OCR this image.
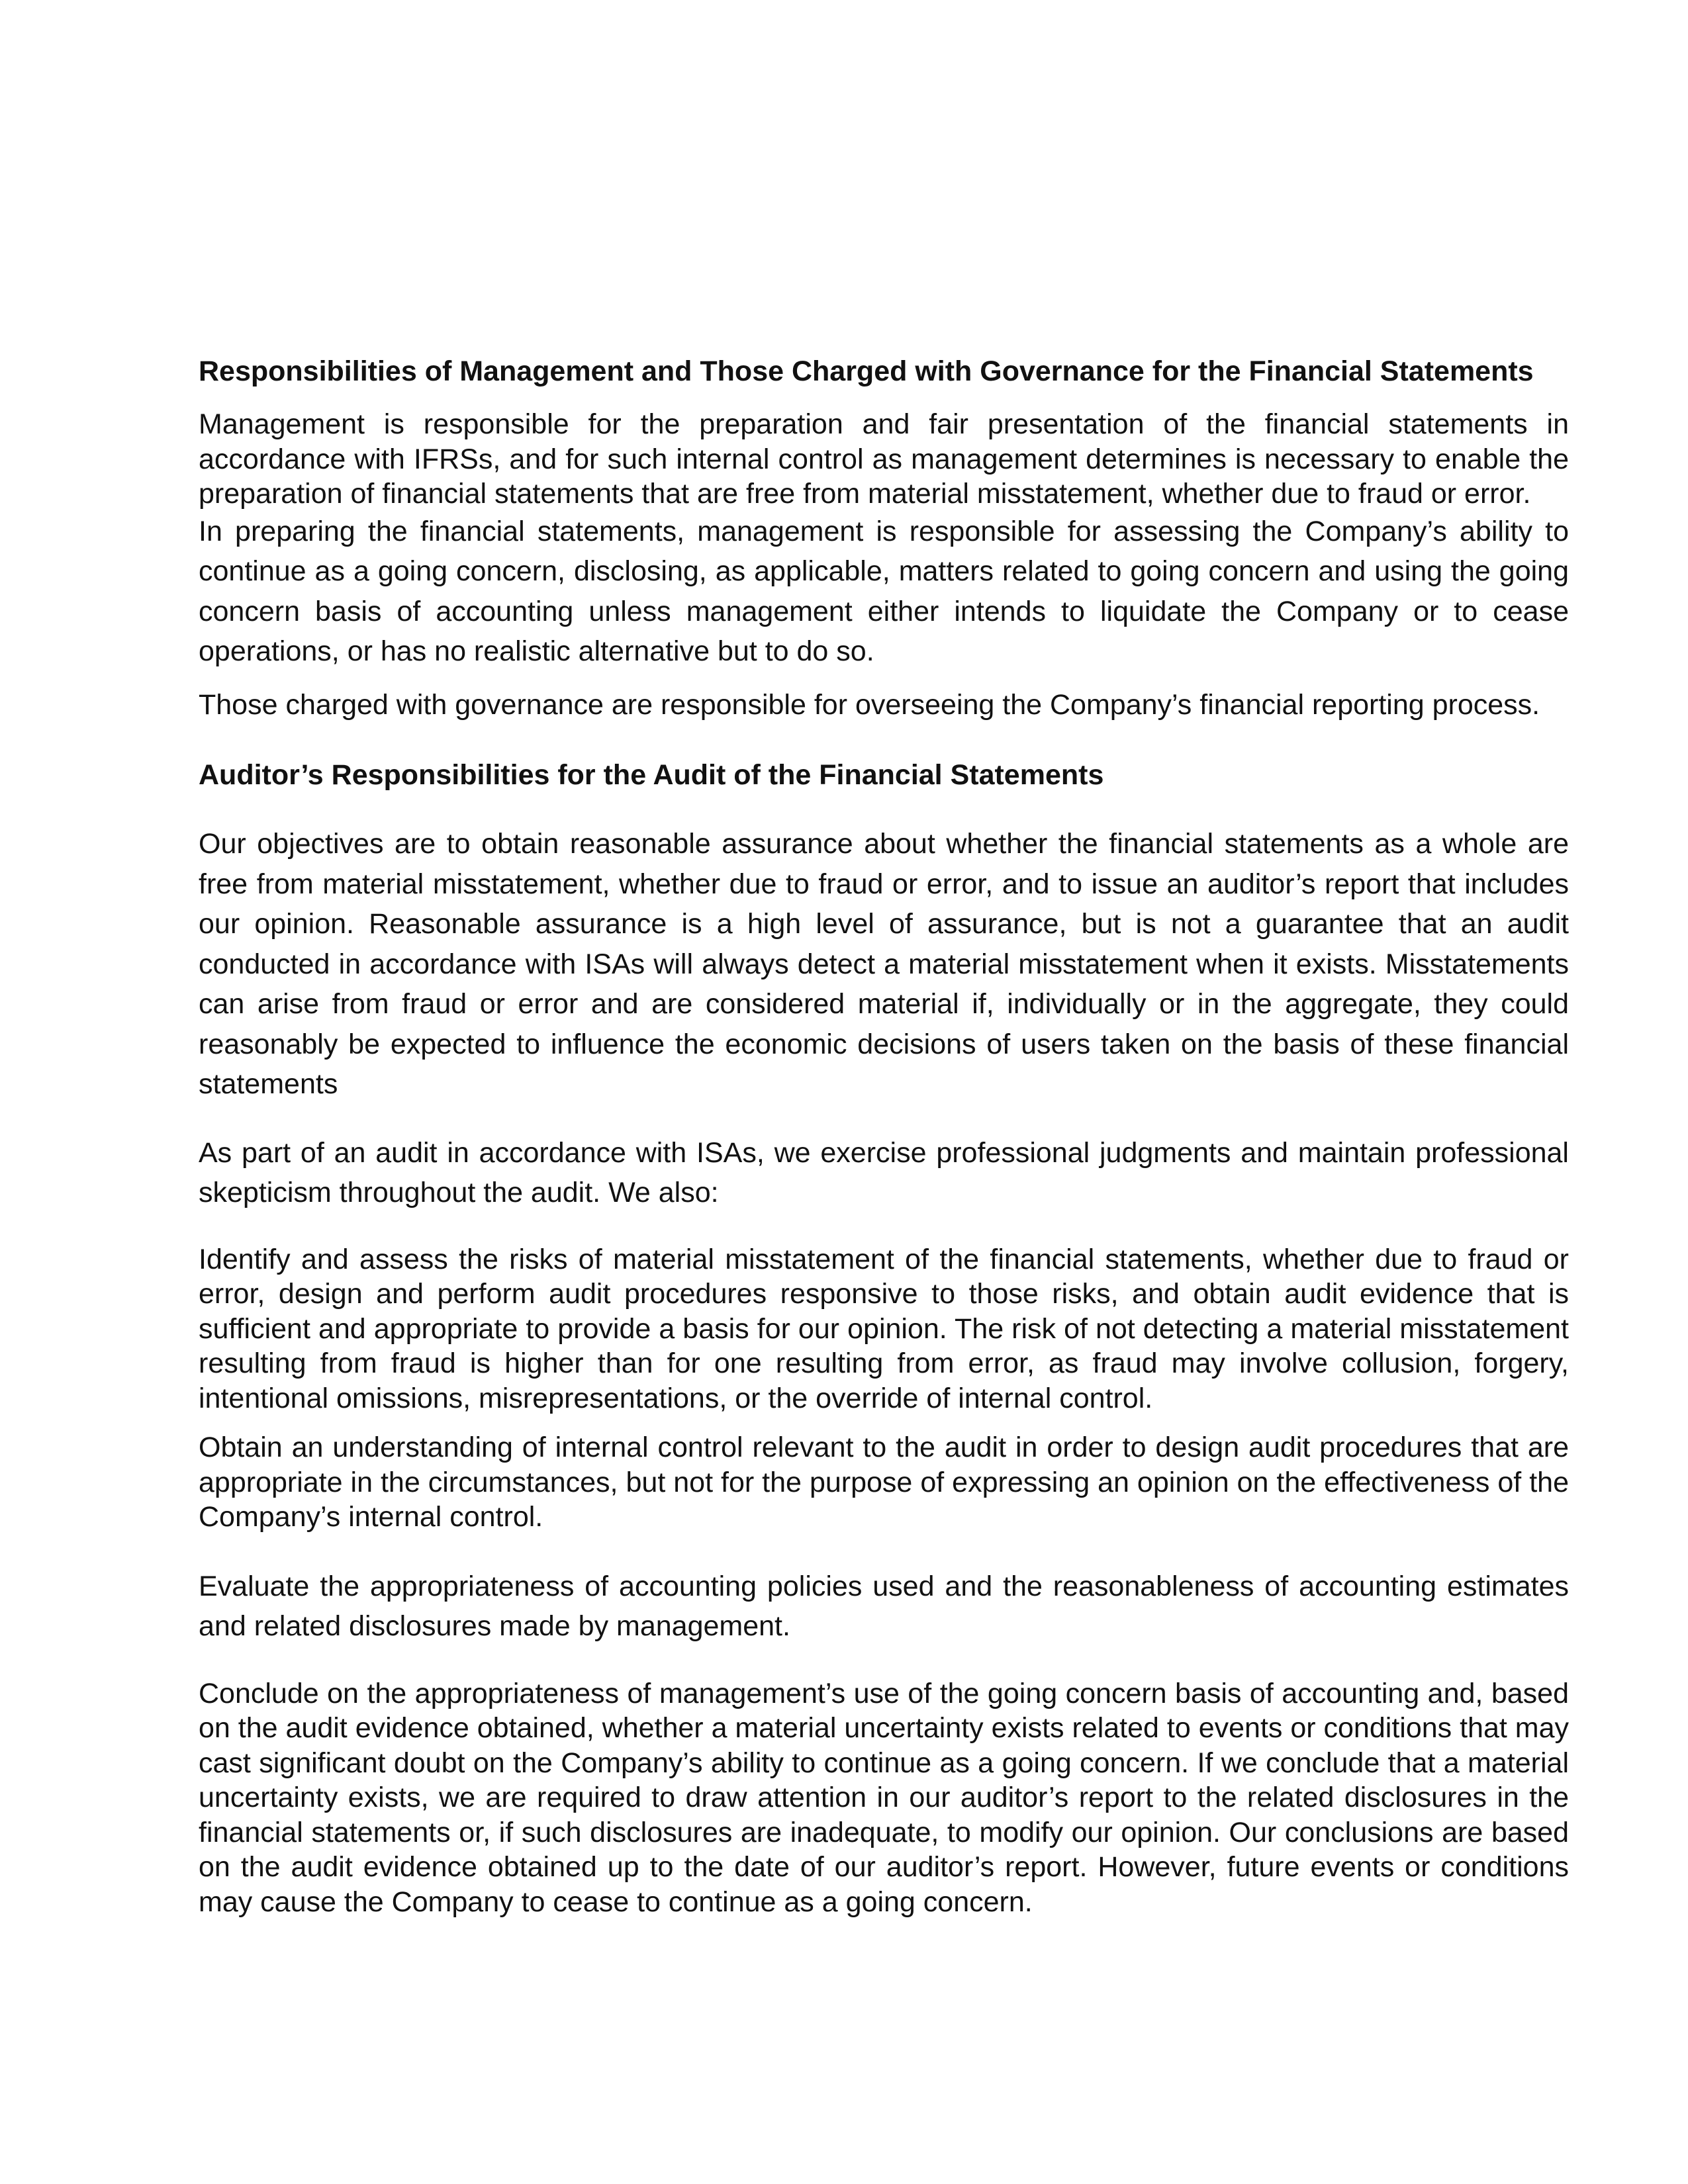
Responsibilities of Management and Those Charged with Governance for the Financial Statements

Management is responsible for the preparation and fair presentation of the financial statements in accordance with IFRSs, and for such internal control as management determines is necessary to enable the preparation of financial statements that are free from material misstatement, whether due to fraud or error.

In preparing the financial statements, management is responsible for assessing the Company’s ability to continue as a going concern, disclosing, as applicable, matters related to going concern and using the going concern basis of accounting unless management either intends to liquidate the Company or to cease operations, or has no realistic alternative but to do so.

Those charged with governance are responsible for overseeing the Company’s financial reporting process.

Auditor’s Responsibilities for the Audit of the Financial Statements

Our objectives are to obtain reasonable assurance about whether the financial statements as a whole are free from material misstatement, whether due to fraud or error, and to issue an auditor’s report that includes our opinion. Reasonable assurance is a high level of assurance, but is not a guarantee that an audit conducted in accordance with ISAs will always detect a material misstatement when it exists. Misstatements can arise from fraud or error and are considered material if, individually or in the aggregate, they could reasonably be expected to influence the economic decisions of users taken on the basis of these financial statements

As part of an audit in accordance with ISAs, we exercise professional judgments and maintain professional skepticism throughout the audit. We also:

Identify and assess the risks of material misstatement of the financial statements, whether due to fraud or error, design and perform audit procedures responsive to those risks, and obtain audit evidence that is sufficient and appropriate to provide a basis for our opinion. The risk of not detecting a material misstatement resulting from fraud is higher than for one resulting from error, as fraud may involve collusion, forgery, intentional omissions, misrepresentations, or the override of internal control.

Obtain an understanding of internal control relevant to the audit in order to design audit procedures that are appropriate in the circumstances, but not for the purpose of expressing an opinion on the effectiveness of the Company’s internal control.

Evaluate the appropriateness of accounting policies used and the reasonableness of accounting estimates and related disclosures made by management.

Conclude on the appropriateness of management’s use of the going concern basis of accounting and, based on the audit evidence obtained, whether a material uncertainty exists related to events or conditions that may cast significant doubt on the Company’s ability to continue as a going concern. If we conclude that a material uncertainty exists, we are required to draw attention in our auditor’s report to the related disclosures in the financial statements or, if such disclosures are inadequate, to modify our opinion. Our conclusions are based on the audit evidence obtained up to the date of our auditor’s report. However, future events or conditions may cause the Company to cease to continue as a going concern.
